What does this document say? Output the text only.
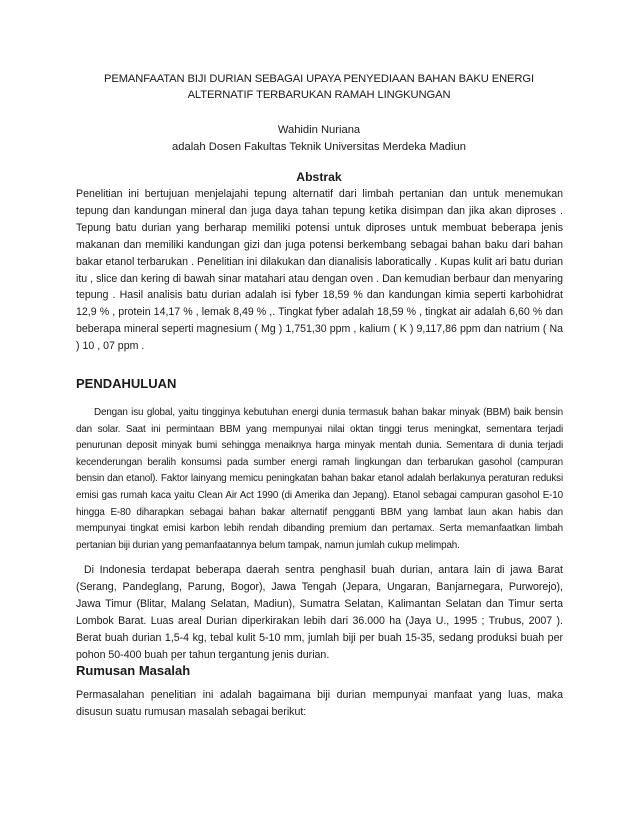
PEMANFAATAN BIJI DURIAN SEBAGAI UPAYA PENYEDIAAN BAHAN BAKU ENERGI ALTERNATIF TERBARUKAN RAMAH LINGKUNGAN
Wahidin Nuriana
adalah Dosen Fakultas Teknik Universitas Merdeka Madiun
Abstrak

Penelitian ini bertujuan menjelajahi tepung alternatif dari limbah pertanian dan untuk menemukan tepung dan kandungan mineral dan juga daya tahan tepung ketika disimpan dan jika akan diproses . Tepung batu durian yang berharap memiliki potensi untuk diproses untuk membuat beberapa jenis makanan dan memiliki kandungan gizi dan juga potensi berkembang sebagai bahan baku dari bahan bakar etanol terbarukan . Penelitian ini dilakukan dan dianalisis laboratically . Kupas kulit ari batu durian itu , slice dan kering di bawah sinar matahari atau dengan oven . Dan kemudian berbaur dan menyaring tepung . Hasil analisis batu durian adalah isi fyber 18,59 % dan kandungan kimia seperti karbohidrat 12,9 % , protein 14,17 % , lemak 8,49 % ,. Tingkat fyber adalah 18,59 % , tingkat air adalah 6,60 % dan beberapa mineral seperti magnesium ( Mg ) 1,751,30 ppm , kalium ( K ) 9,117,86 ppm dan natrium ( Na ) 10 , 07 ppm .

PENDAHULUAN

Dengan isu global, yaitu tingginya kebutuhan energi dunia termasuk bahan bakar minyak (BBM) baik bensin dan solar. Saat ini permintaan BBM yang mempunyai nilai oktan tinggi terus meningkat, sementara terjadi penurunan deposit minyak bumi sehingga menaiknya harga minyak mentah dunia. Sementara di dunia terjadi kecenderungan beralih konsumsi pada sumber energi ramah lingkungan dan terbarukan gasohol (campuran bensin dan etanol). Faktor lainyang memicu peningkatan bahan bakar etanol adalah berlakunya peraturan reduksi emisi gas rumah kaca yaitu Clean Air Act 1990 (di Amerika dan Jepang). Etanol sebagai campuran gasohol E-10 hingga E-80 diharapkan sebagai bahan bakar alternatif pengganti BBM yang lambat laun akan habis dan mempunyai tingkat emisi karbon lebih rendah dibanding premium dan pertamax. Serta memanfaatkan limbah pertanian biji durian yang pemanfaatannya belum tampak, namun jumlah cukup melimpah.

Di Indonesia terdapat beberapa daerah sentra penghasil buah durian, antara lain di jawa Barat (Serang, Pandeglang, Parung, Bogor), Jawa Tengah (Jepara, Ungaran, Banjarnegara, Purworejo), Jawa Timur (Blitar, Malang Selatan, Madiun), Sumatra Selatan, Kalimantan Selatan dan Timur serta Lombok Barat. Luas areal Durian diperkirakan lebih dari 36.000 ha (Jaya U., 1995 ; Trubus, 2007 ). Berat buah durian 1,5-4 kg, tebal kulit 5-10 mm, jumlah biji per buah 15-35, sedang produksi buah per pohon 50-400 buah per tahun tergantung jenis durian.

Rumusan Masalah

Permasalahan penelitian ini adalah bagaimana biji durian mempunyai manfaat yang luas, maka disusun suatu rumusan masalah sebagai berikut:
